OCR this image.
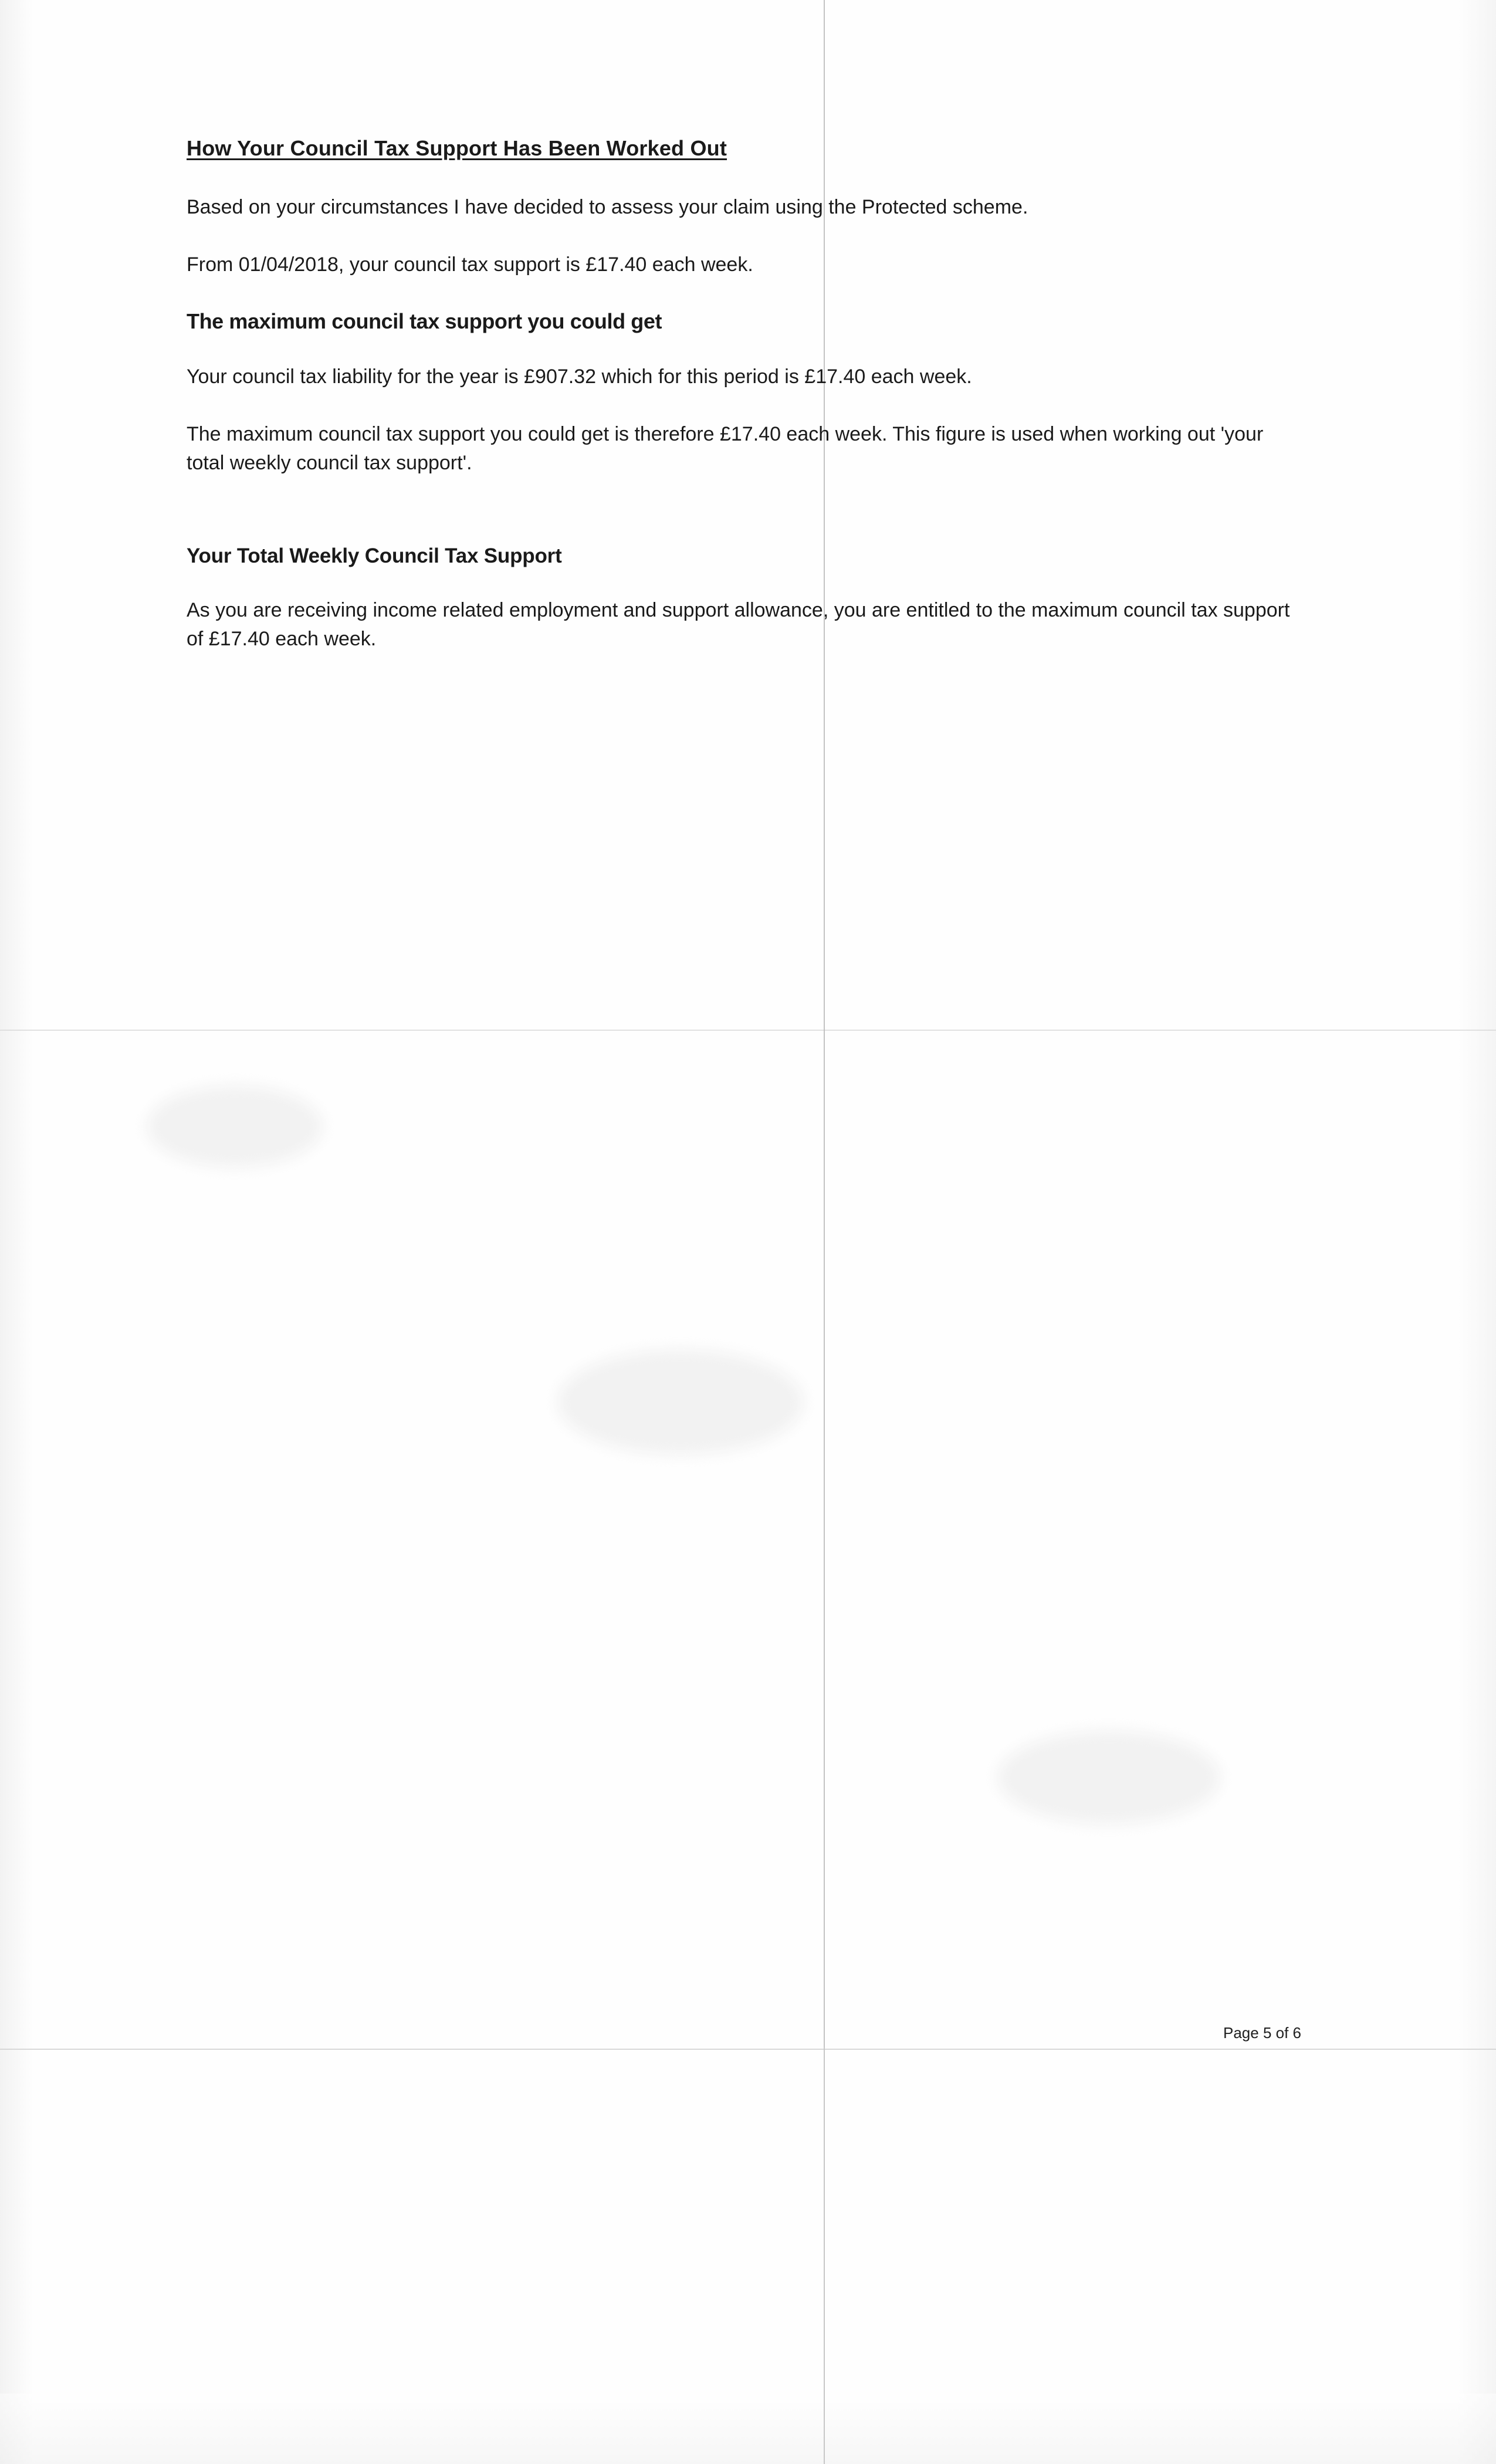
How Your Council Tax Support Has Been Worked Out

Based on your circumstances I have decided to assess your claim using the Protected scheme.

From 01/04/2018, your council tax support is £17.40 each week.

The maximum council tax support you could get

Your council tax liability for the year is £907.32 which for this period is £17.40 each week.

The maximum council tax support you could get is therefore £17.40 each week. This figure is used when working out 'your total weekly council tax support'.

Your Total Weekly Council Tax Support

As you are receiving income related employment and support allowance, you are entitled to the maximum council tax support of £17.40 each week.

Page 5 of 6
